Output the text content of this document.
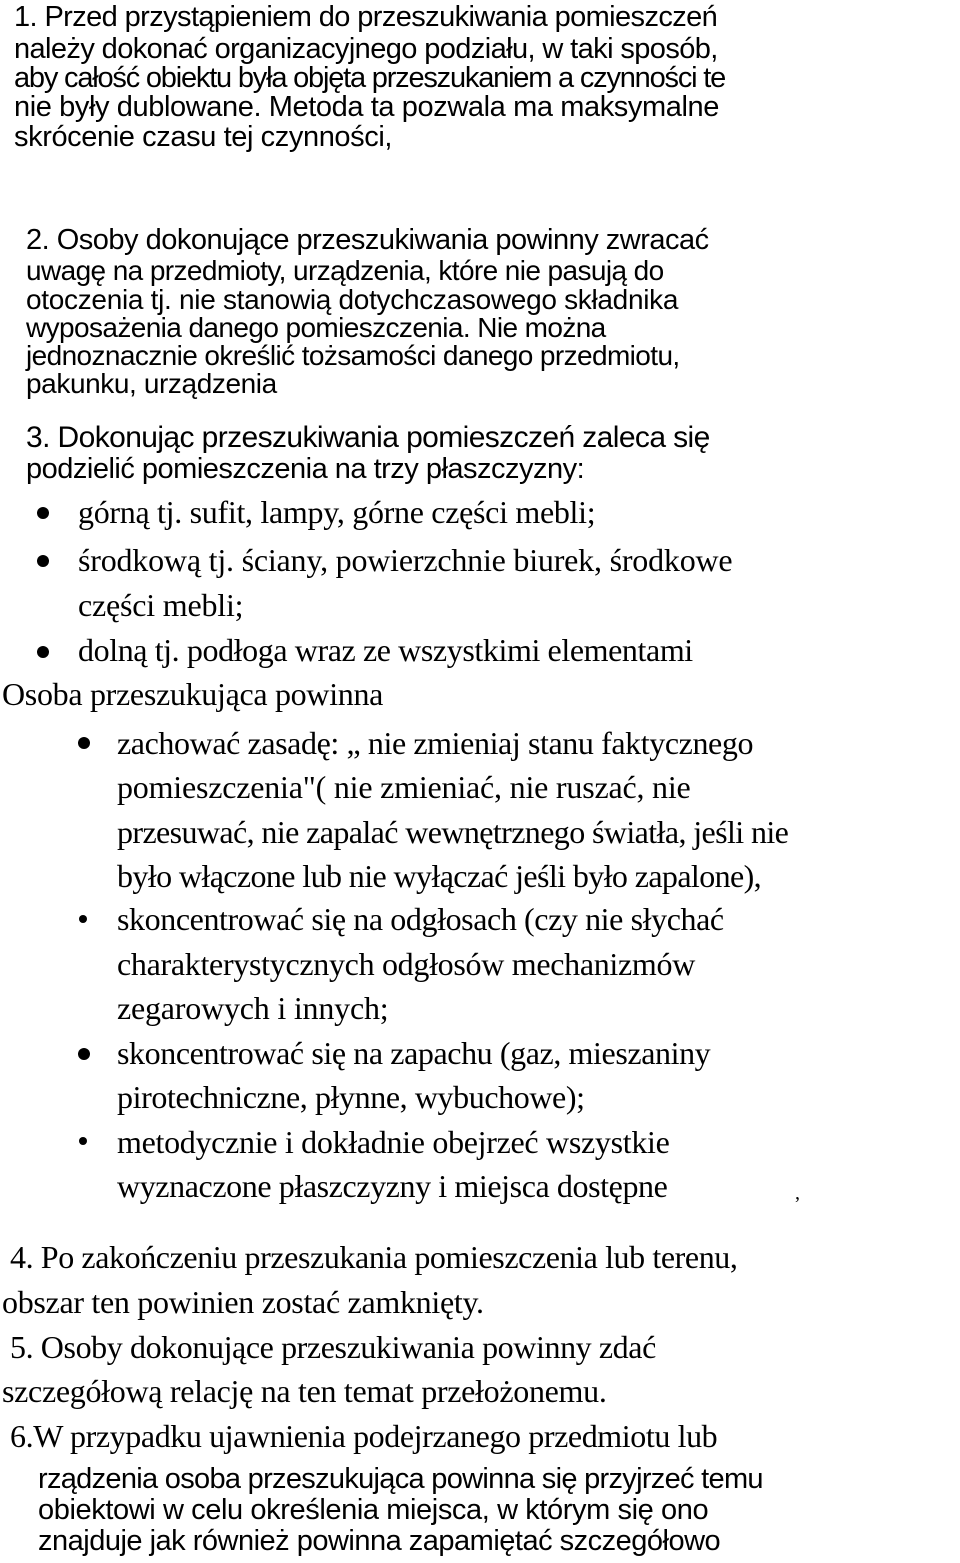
1. Przed przystąpieniem do przeszukiwania pomieszczeń
należy dokonać organizacyjnego podziału, w taki sposób,
aby całość obiektu była objęta przeszukaniem a czynności te
nie były dublowane. Metoda ta pozwala ma maksymalne
skrócenie czasu tej czynności,
2. Osoby dokonujące przeszukiwania powinny zwracać
uwagę na przedmioty, urządzenia, które nie pasują do
otoczenia tj. nie stanowią dotychczasowego składnika
wyposażenia danego pomieszczenia. Nie można
jednoznacznie określić tożsamości danego przedmiotu,
pakunku, urządzenia
3. Dokonując przeszukiwania pomieszczeń zaleca się
podzielić pomieszczenia na trzy płaszczyzny:
górną tj. sufit, lampy, górne części mebli;
środkową tj. ściany, powierzchnie biurek, środkowe
części mebli;
dolną tj. podłoga wraz ze wszystkimi elementami
Osoba przeszukująca powinna
zachować zasadę: „ nie zmieniaj stanu faktycznego
pomieszczenia"( nie zmieniać, nie ruszać, nie
przesuwać, nie zapalać wewnętrznego światła, jeśli nie
było włączone lub nie wyłączać jeśli było zapalone),
skoncentrować się na odgłosach (czy nie słychać
charakterystycznych odgłosów mechanizmów
zegarowych i innych;
skoncentrować się na zapachu (gaz, mieszaniny
pirotechniczne, płynne, wybuchowe);
metodycznie i dokładnie obejrzeć wszystkie
wyznaczone płaszczyzny i miejsca dostępne	,
4. Po zakończeniu przeszukania pomieszczenia lub terenu,
obszar ten powinien zostać zamknięty.
5. Osoby dokonujące przeszukiwania powinny zdać
szczegółową relację na ten temat przełożonemu.
6.W przypadku ujawnienia podejrzanego przedmiotu lub
rządzenia osoba przeszukująca powinna się przyjrzeć temu
obiektowi w celu określenia miejsca, w którym się ono
znajduje jak również powinna zapamiętać szczegółowo
